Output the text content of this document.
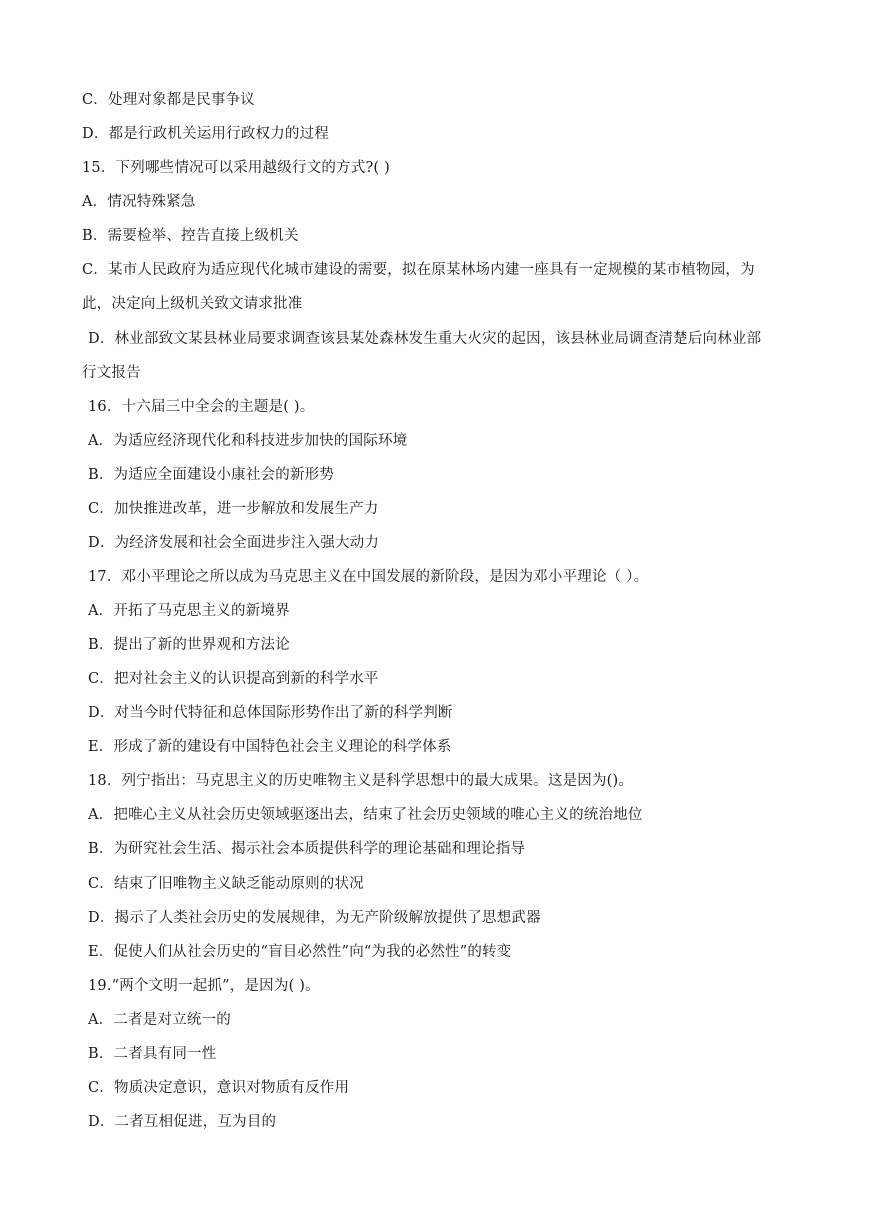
C．处理对象都是民事争议
D．都是行政机关运用行政权力的过程
15．下列哪些情况可以采用越级行文的方式?( )
A．情况特殊紧急
B．需要检举、控告直接上级机关
C．某市人民政府为适应现代化城市建设的需要，拟在原某林场内建一座具有一定规模的某市植物园，为
此，决定向上级机关致文请求批准
D．林业部致文某县林业局要求调查该县某处森林发生重大火灾的起因，该县林业局调查清楚后向林业部
行文报告
16．十六届三中全会的主题是( )。
A．为适应经济现代化和科技进步加快的国际环境
B．为适应全面建设小康社会的新形势
C．加快推进改革，进一步解放和发展生产力
D．为经济发展和社会全面进步注入强大动力
17．邓小平理论之所以成为马克思主义在中国发展的新阶段，是因为邓小平理论（ ）。
A．开拓了马克思主义的新境界
B．提出了新的世界观和方法论
C．把对社会主义的认识提高到新的科学水平
D．对当今时代特征和总体国际形势作出了新的科学判断
E．形成了新的建设有中国特色社会主义理论的科学体系
18．列宁指出：马克思主义的历史唯物主义是科学思想中的最大成果。这是因为()。
A．把唯心主义从社会历史领域驱逐出去，结束了社会历史领域的唯心主义的统治地位
B．为研究社会生活、揭示社会本质提供科学的理论基础和理论指导
C．结束了旧唯物主义缺乏能动原则的状况
D．揭示了人类社会历史的发展规律，为无产阶级解放提供了思想武器
E．促使人们从社会历史的“盲目必然性”向“为我的必然性”的转变
19.“两个文明一起抓”，是因为( )。
A．二者是对立统一的
B．二者具有同一性
C．物质决定意识，意识对物质有反作用
D．二者互相促进，互为目的
